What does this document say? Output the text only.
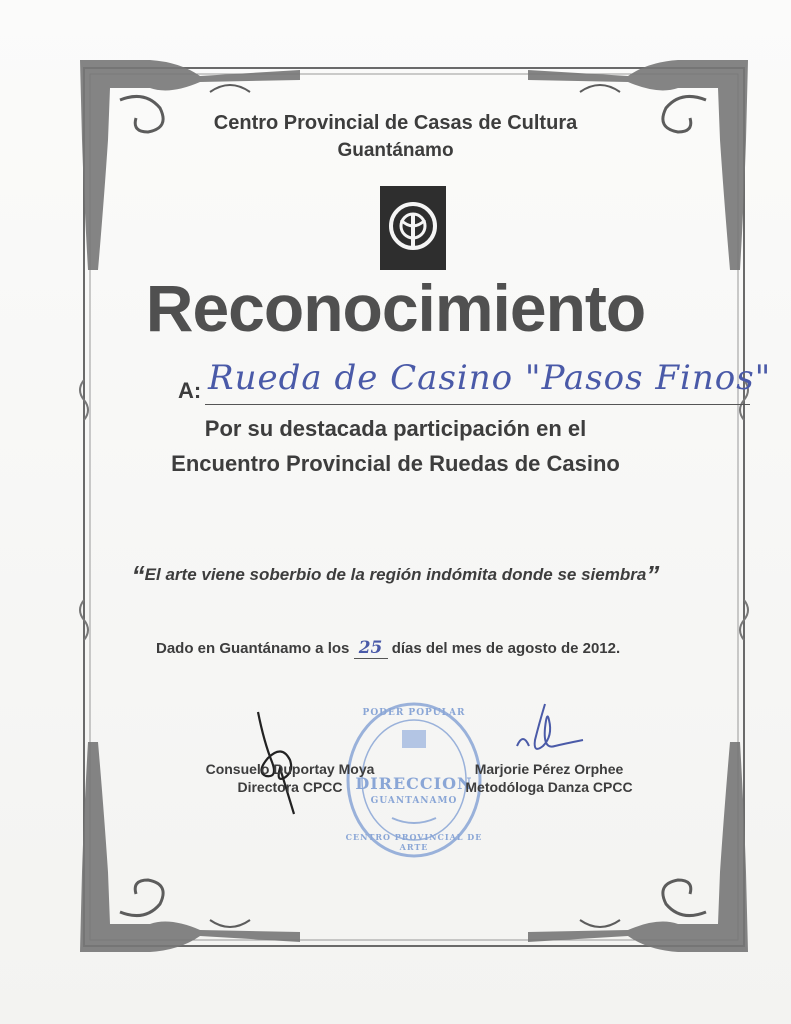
Centro Provincial de Casas de Cultura
Guantánamo
Reconocimiento
A: Rueda de Casino "Pasos Finos"
Por su destacada participación en el
Encuentro Provincial de Ruedas de Casino
“El arte viene soberbio de la región indómita donde se siembra”
Dado en Guantánamo a los 25 días del mes de agosto de 2012.
PODER POPULAR
DIRECCION
GUANTANAMO
CENTRO PROVINCIAL DE ARTE
Consuelo Duportay Moya
Directora CPCC
Marjorie Pérez Orphee
Metodóloga Danza CPCC
